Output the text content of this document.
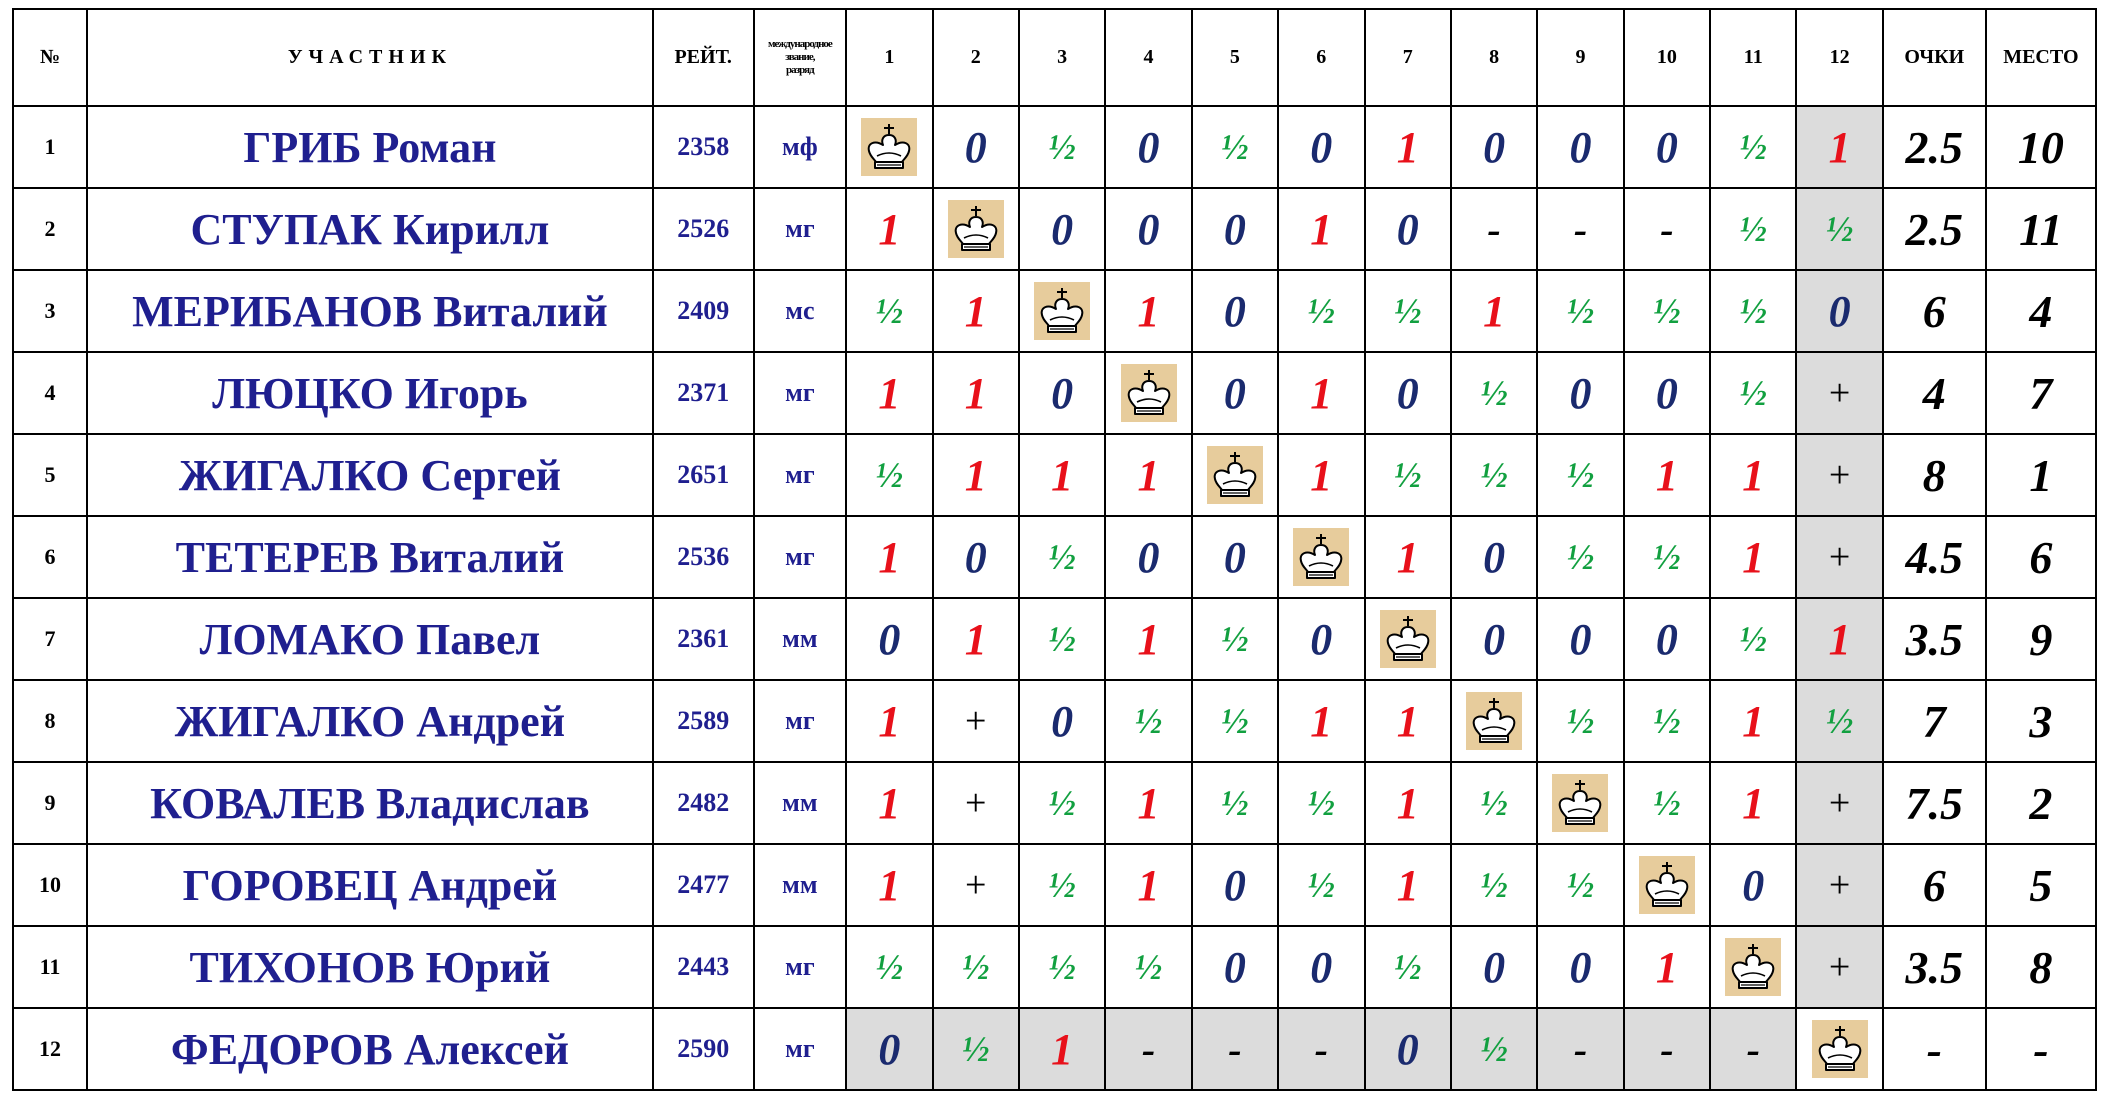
№	УЧАСТНИК	РЕЙТ.	международное
звание,
разряд	1	2	3	4	5	6	7	8	9	10	11	12	ОЧКИ	МЕСТО
1	ГРИБ Роман	2358	мф		0	½	0	½	0	1	0	0	0	½	1	2.5	10
2	СТУПАК Кирилл	2526	мг	1		0	0	0	1	0	-	-	-	½	½	2.5	11
3	МЕРИБАНОВ Виталий	2409	мс	½	1		1	0	½	½	1	½	½	½	0	6	4
4	ЛЮЦКО Игорь	2371	мг	1	1	0		0	1	0	½	0	0	½	+	4	7
5	ЖИГАЛКО Сергей	2651	мг	½	1	1	1		1	½	½	½	1	1	+	8	1
6	ТЕТЕРЕВ Виталий	2536	мг	1	0	½	0	0		1	0	½	½	1	+	4.5	6
7	ЛОМАКО Павел	2361	мм	0	1	½	1	½	0		0	0	0	½	1	3.5	9
8	ЖИГАЛКО Андрей	2589	мг	1	+	0	½	½	1	1		½	½	1	½	7	3
9	КОВАЛЕВ Владислав	2482	мм	1	+	½	1	½	½	1	½		½	1	+	7.5	2
10	ГОРОВЕЦ Андрей	2477	мм	1	+	½	1	0	½	1	½	½		0	+	6	5
11	ТИХОНОВ Юрий	2443	мг	½	½	½	½	0	0	½	0	0	1		+	3.5	8
12	ФЕДОРОВ Алексей	2590	мг	0	½	1	-	-	-	0	½	-	-	-		-	-
